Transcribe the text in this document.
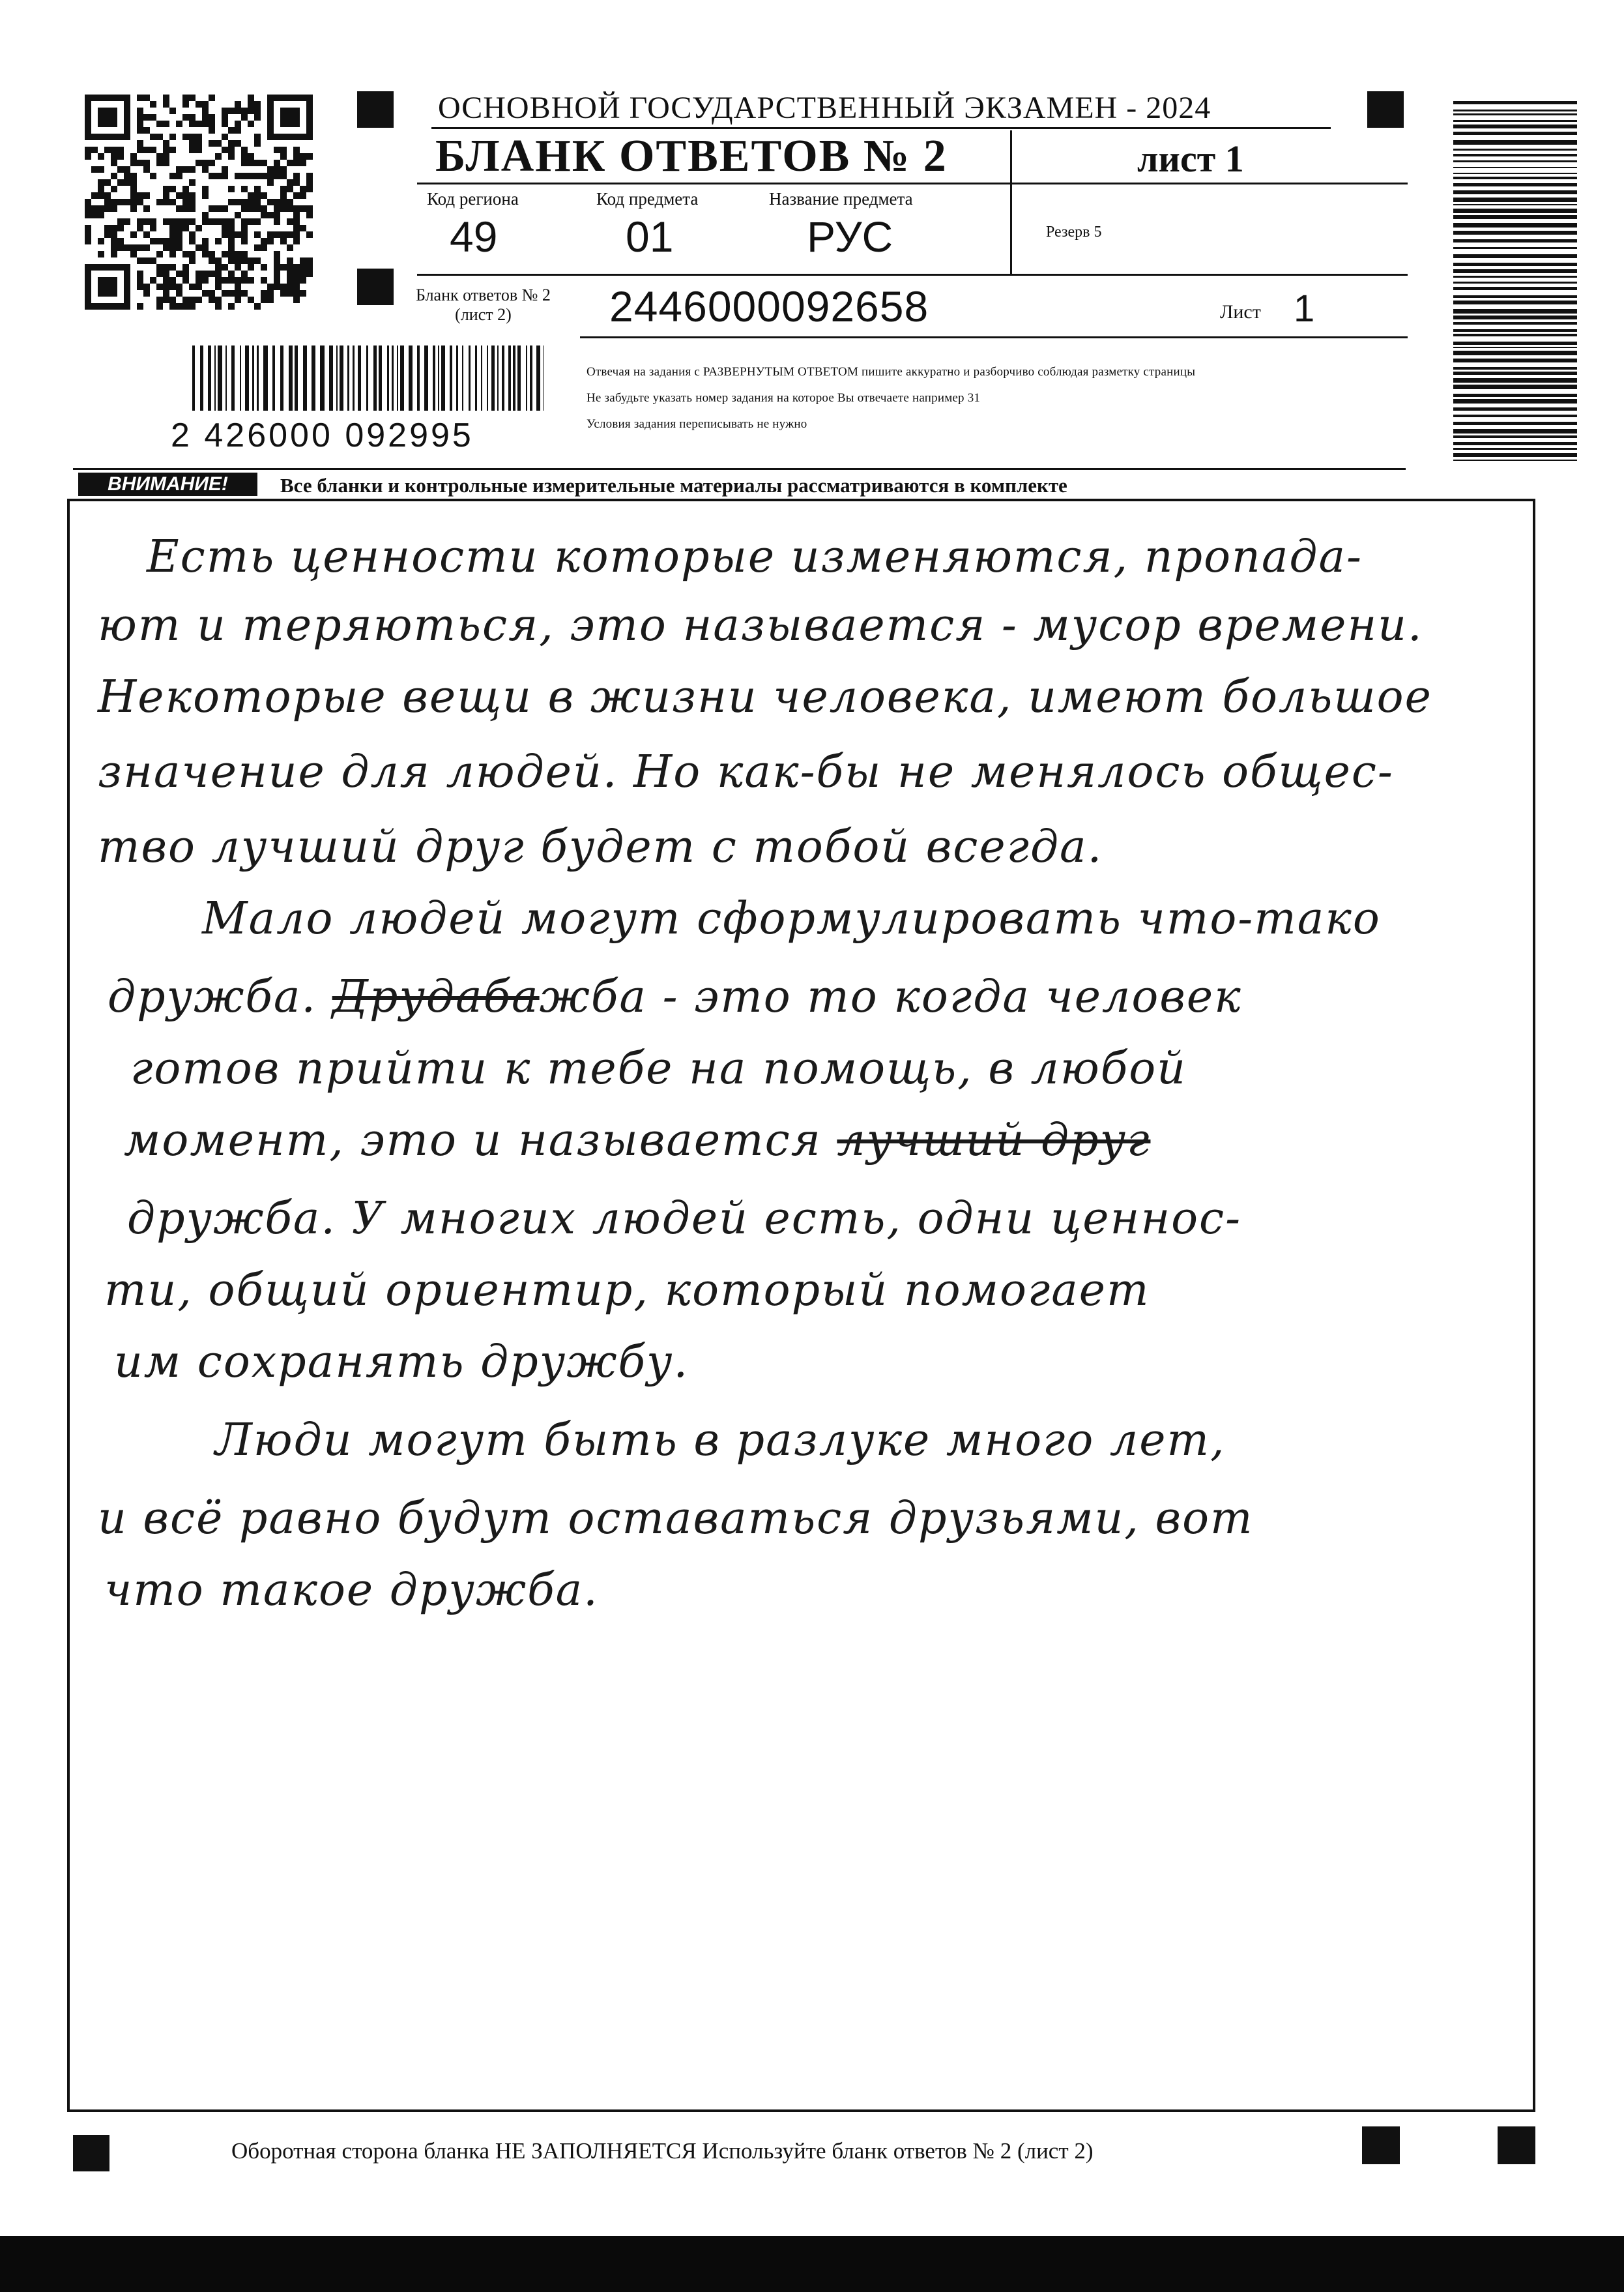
2 426000 092995
ОСНОВНОЙ ГОСУДАРСТВЕННЫЙ ЭКЗАМЕН - 2024
БЛАНК ОТВЕТОВ № 2	лист 1
Код региона
49
Код предмета
01
Название предмета
РУС	Резерв 5
Бланк ответов № 2
(лист 2)	2446000092658	Лист 1
Отвечая на задания с РАЗВЕРНУТЫМ ОТВЕТОМ пишите аккуратно и разборчиво соблюдая разметку страницы
Не забудьте указать номер задания на которое Вы отвечаете например 31
Условия задания переписывать не нужно
ВНИМАНИЕ!	Все бланки и контрольные измерительные материалы рассматриваются в комплекте
Есть ценности которые изменяются, пропада-
ют и теряються, это называется - мусор времени.
Некоторые вещи в жизни человека, имеют большое
значение для людей. Но как-бы не менялось общес-
тво лучший друг будет с тобой всегда.
Мало людей могут сформулировать что-тако
дружба. Друдабажба - это то когда человек
готов прийти к тебе на помощь, в любой
момент, это и называется лучший друг
дружба. У многих людей есть, одни ценнос-
ти, общий ориентир, который помогает
им сохранять дружбу.
Люди могут быть в разлуке много лет,
и всё равно будут оставаться друзьями, вот
что такое дружба.
Оборотная сторона бланка НЕ ЗАПОЛНЯЕТСЯ Используйте бланк ответов № 2 (лист 2)
